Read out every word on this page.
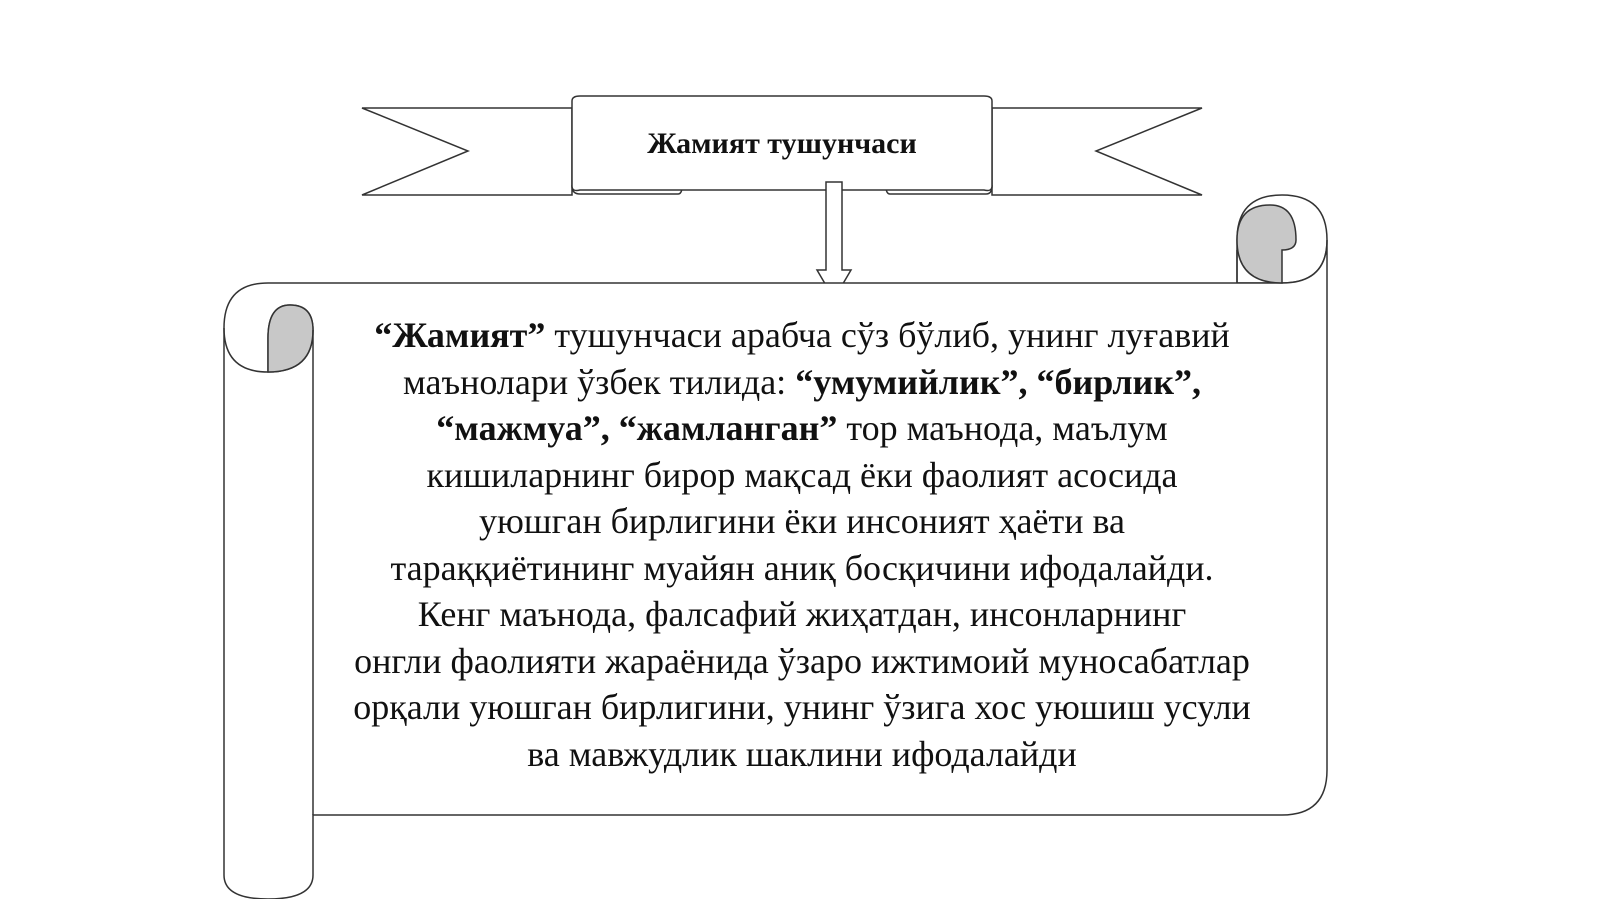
Жамият тушунчаси
“Жамият” тушунчаси арабча сўз бўлиб, унинг луғавий
маънолари ўзбек тилида: “умумийлик”, “бирлик”,
“мажмуа”, “жамланган” тор маънода, маълум
кишиларнинг бирор мақсад ёки фаолият асосида
уюшган бирлигини ёки инсоният ҳаёти ва
тараққиётининг муайян аниқ босқичини ифодалайди.
Кенг маънода, фалсафий жиҳатдан, инсонларнинг
онгли фаолияти жараёнида ўзаро ижтимоий муносабатлар
орқали уюшган бирлигини, унинг ўзига хос уюшиш усули
ва мавжудлик шаклини ифодалайди
